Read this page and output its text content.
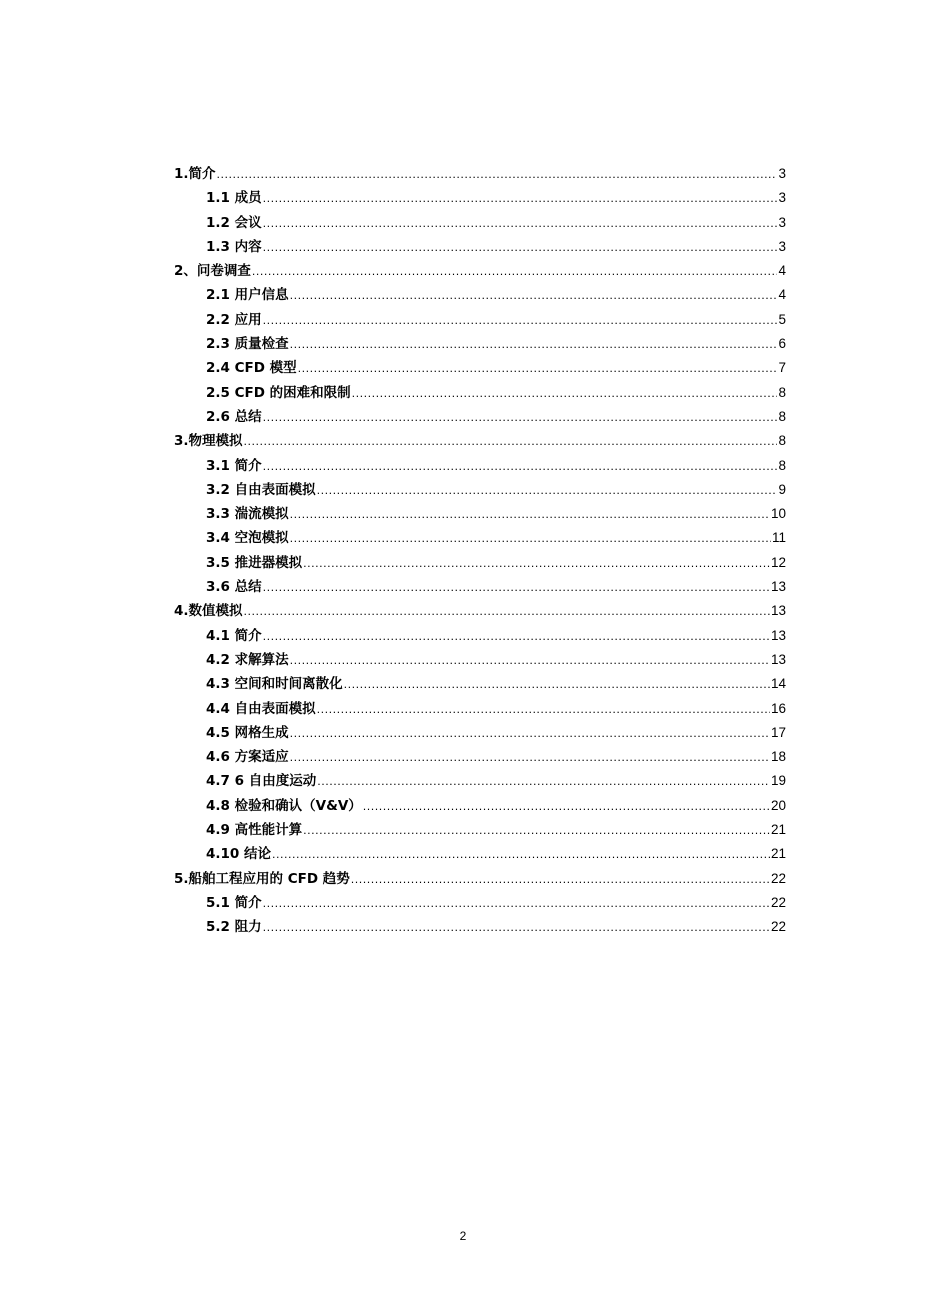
1.简介 .....	3
1.1 成员 .....	3
1.2 会议 .....	3
1.3 内容 .....	3
2、问卷调查 .....	4
2.1 用户信息 .....	4
2.2 应用 .....	5
2.3 质量检查 .....	6
2.4 CFD 模型 .....	7
2.5 CFD 的困难和限制 .....	8
2.6 总结 .....	8
3.物理模拟 .....	8
3.1 简介 .....	8
3.2 自由表面模拟 .....	9
3.3 湍流模拟 .....	10
3.4 空泡模拟 .....	11
3.5 推进器模拟 .....	12
3.6 总结 .....	13
4.数值模拟 .....	13
4.1 简介 .....	13
4.2 求解算法 .....	13
4.3 空间和时间离散化 .....	14
4.4 自由表面模拟 .....	16
4.5 网格生成 .....	17
4.6 方案适应 .....	18
4.7 6 自由度运动 .....	19
4.8 检验和确认（V&V） .....	20
4.9 高性能计算 .....	21
4.10 结论 .....	21
5.船舶工程应用的 CFD 趋势 .....	22
5.1 简介 .....	22
5.2 阻力 .....	22
2
